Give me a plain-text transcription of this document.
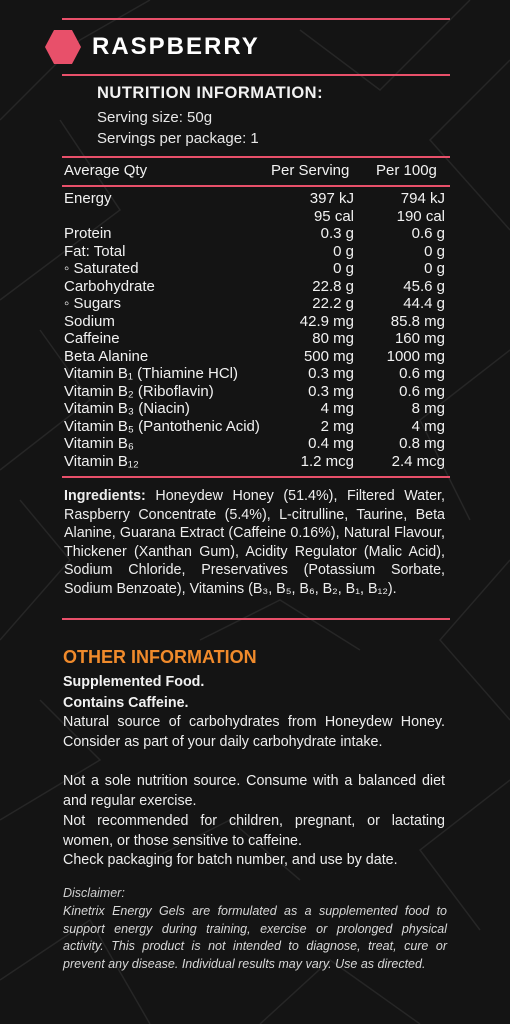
RASPBERRY
NUTRITION INFORMATION:
Serving size: 50g
Servings per package: 1
Average Qty	Per Serving Per 100g
Energy	397 kJ	794 kJ
95 cal	190 cal
Protein	0.3 g	0.6 g
Fat: Total	0 g	0 g
◦ Saturated	0 g	0 g
Carbohydrate	22.8 g	45.6 g
◦ Sugars	22.2 g	44.4 g
Sodium	42.9 mg 85.8 mg
Caffeine	80 mg	160 mg
Beta Alanine	500 mg 1000 mg
Vitamin B₁ (Thiamine HCl)	0.3 mg	0.6 mg
Vitamin B₂ (Riboflavin)	0.3 mg	0.6 mg
Vitamin B₃ (Niacin)	4 mg	8 mg
Vitamin B₅ (Pantothenic Acid)	2 mg	4 mg
Vitamin B₆	0.4 mg	0.8 mg
Vitamin B₁₂	1.2 mcg	2.4 mcg
Ingredients: Honeydew Honey (51.4%), Filtered Water, Raspberry Concentrate (5.4%), L-citrulline, Taurine, Beta Alanine, Guarana Extract (Caffeine 0.16%), Natural Flavour, Thickener (Xanthan Gum), Acidity Regulator (Malic Acid), Sodium Chloride, Preservatives (Potassium Sorbate, Sodium Benzoate), Vitamins (B₃, B₅, B₆, B₂, B₁, B₁₂).
OTHER INFORMATION
Supplemented Food.
Contains Caffeine.
Natural source of carbohydrates from Honeydew Honey. Consider as part of your daily carbohydrate intake.
Not a sole nutrition source. Consume with a balanced diet and regular exercise.
Not recommended for children, pregnant, or lactating women, or those sensitive to caffeine.
Check packaging for batch number, and use by date.
Disclaimer:
Kinetrix Energy Gels are formulated as a supplemented food to support energy during training, exercise or prolonged physical activity. This product is not intended to diagnose, treat, cure or prevent any disease. Individual results may vary. Use as directed.
